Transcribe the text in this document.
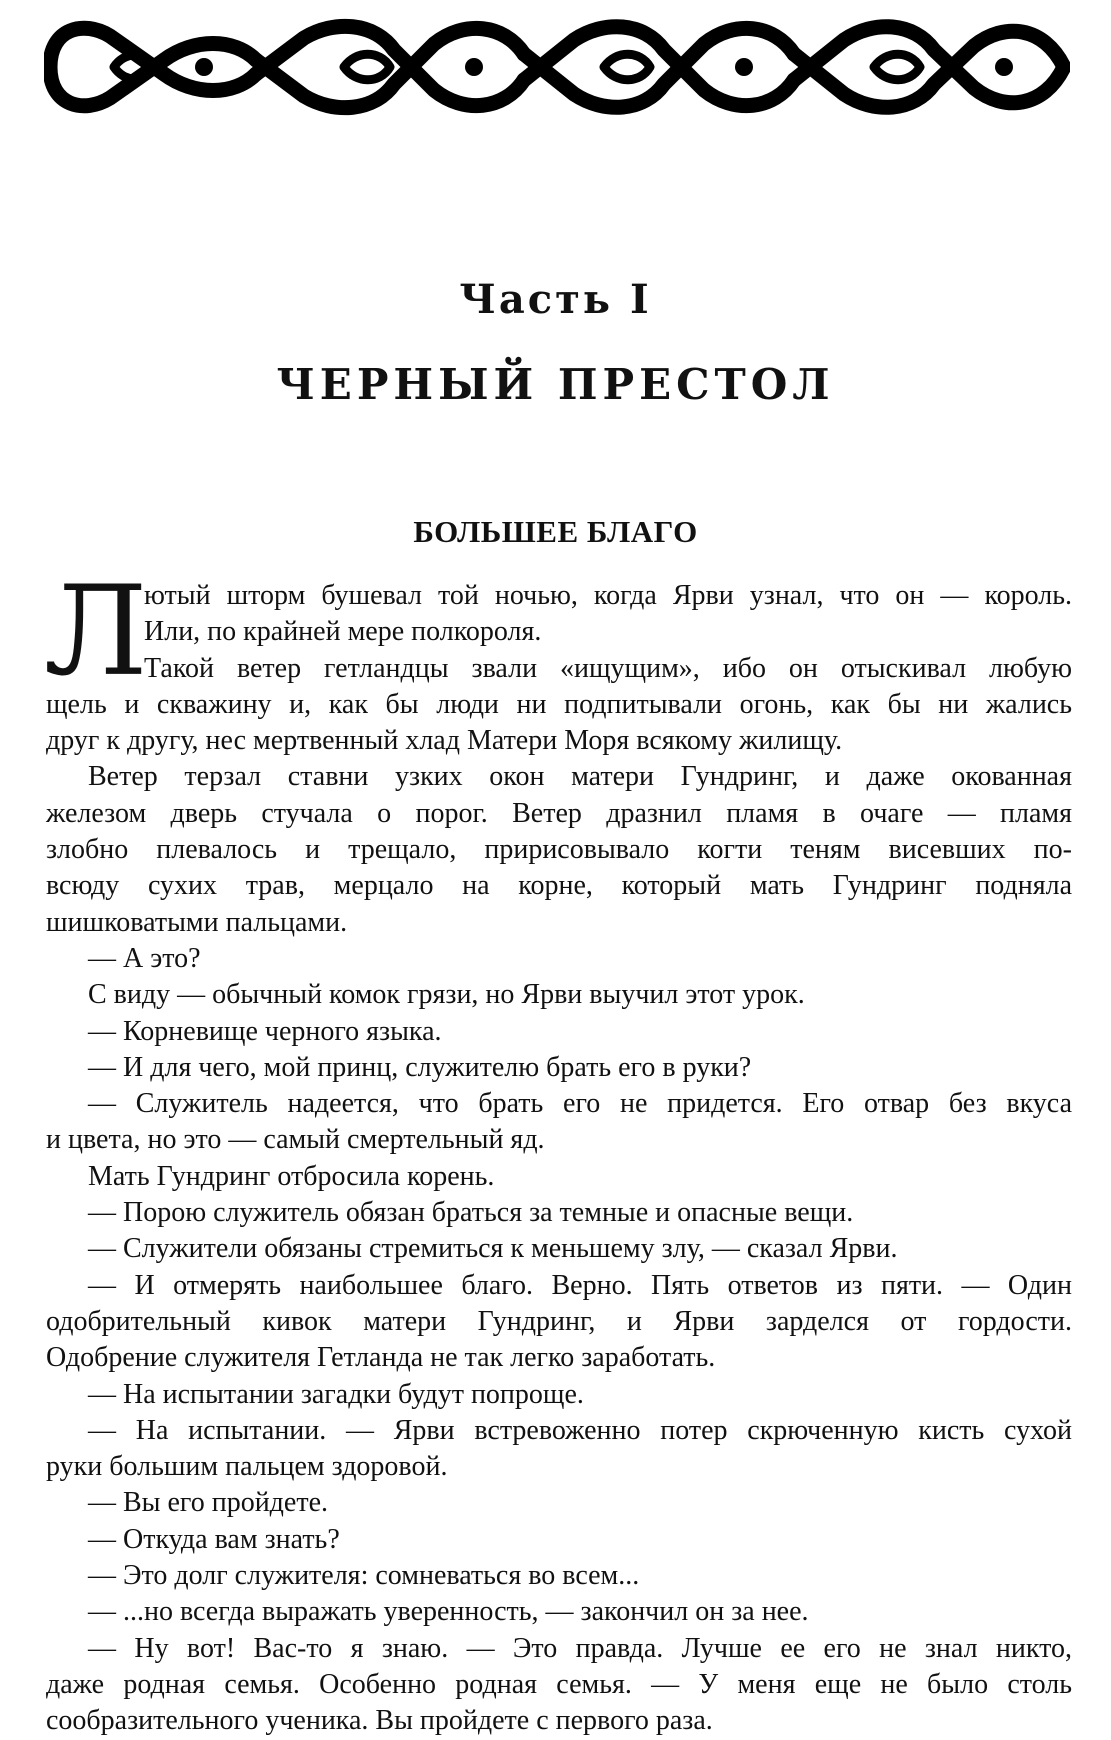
Часть I
ЧЕРНЫЙ ПРЕСТОЛ
БОЛЬШЕЕ БЛАГО
Л
ютый шторм бушевал той ночью, когда Ярви узнал, что он — король.
Или, по крайней мере полкороля.
Такой ветер гетландцы звали «ищущим», ибо он отыскивал любую
щель и скважину и, как бы люди ни подпитывали огонь, как бы ни жались
друг к другу, нес мертвенный хлад Матери Моря всякому жилищу.
Ветер терзал ставни узких окон матери Гундринг, и даже окованная
железом дверь стучала о порог. Ветер дразнил пламя в очаге — пламя
злобно плевалось и трещало, пририсовывало когти теням висевших по-
всюду сухих трав, мерцало на корне, который мать Гундринг подняла
шишковатыми пальцами.
— А это?
С виду — обычный комок грязи, но Ярви выучил этот урок.
— Корневище черного языка.
— И для чего, мой принц, служителю брать его в руки?
— Служитель надеется, что брать его не придется. Его отвар без вкуса
и цвета, но это — самый смертельный яд.
Мать Гундринг отбросила корень.
— Порою служитель обязан браться за темные и опасные вещи.
— Служители обязаны стремиться к меньшему злу, — сказал Ярви.
— И отмерять наибольшее благо. Верно. Пять ответов из пяти. — Один
одобрительный кивок матери Гундринг, и Ярви зарделся от гордости.
Одобрение служителя Гетланда не так легко заработать.
— На испытании загадки будут попроще.
— На испытании. — Ярви встревоженно потер скрюченную кисть сухой
руки большим пальцем здоровой.
— Вы его пройдете.
— Откуда вам знать?
— Это долг служителя: сомневаться во всем...
— ...но всегда выражать уверенность, — закончил он за нее.
— Ну вот! Вас-то я знаю. — Это правда. Лучше ее его не знал никто,
даже родная семья. Особенно родная семья. — У меня еще не было столь
сообразительного ученика. Вы пройдете с первого раза.
